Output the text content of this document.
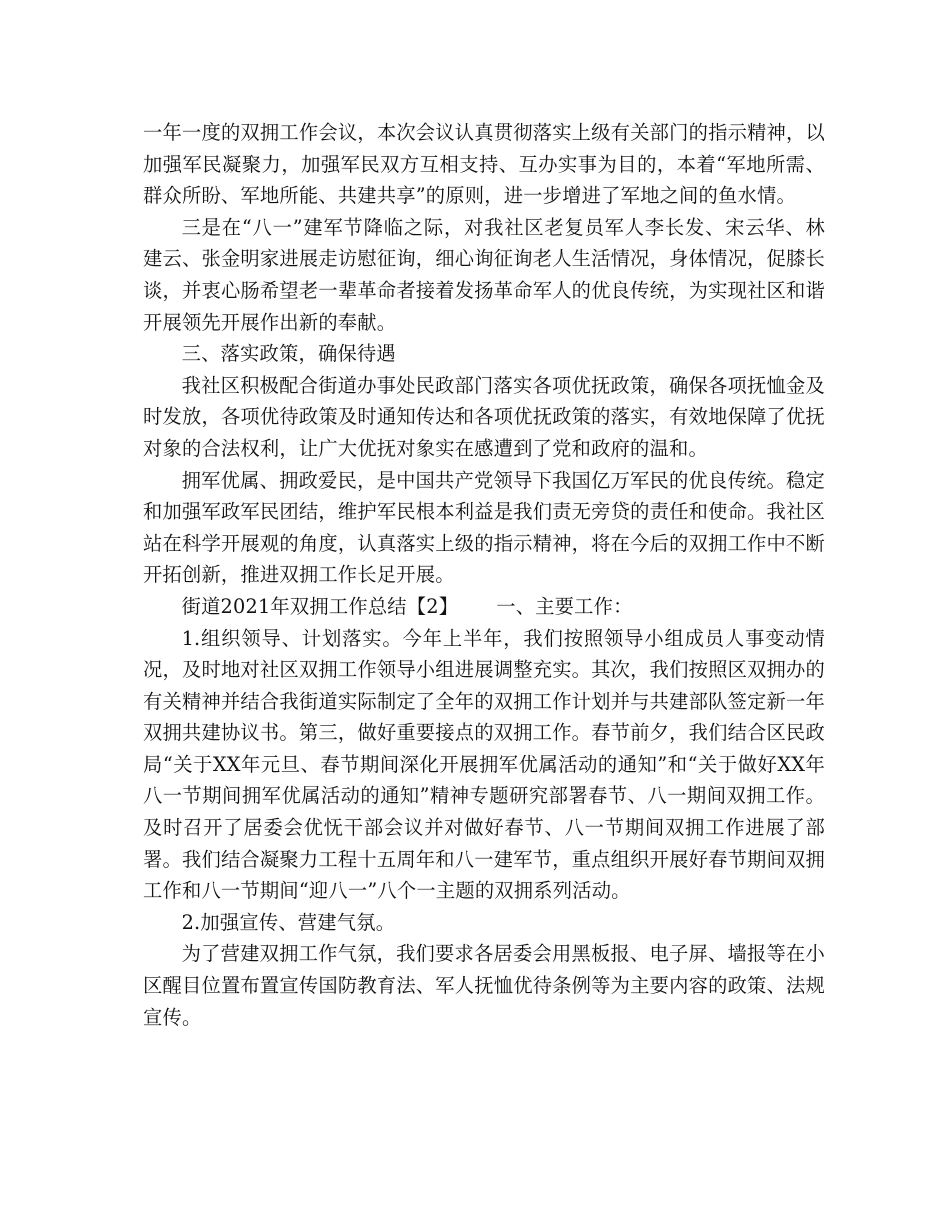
一年一度的双拥工作会议，本次会议认真贯彻落实上级有关部门的指示精神，以加强军民凝聚力，加强军民双方互相支持、互办实事为目的，本着“军地所需、群众所盼、军地所能、共建共享”的原则，进一步增进了军地之间的鱼水情。

三是在“八一”建军节降临之际，对我社区老复员军人李长发、宋云华、林建云、张金明家进展走访慰征询，细心询征询老人生活情况，身体情况，促膝长谈，并衷心肠希望老一辈革命者接着发扬革命军人的优良传统，为实现社区和谐开展领先开展作出新的奉献。

三、落实政策，确保待遇

我社区积极配合街道办事处民政部门落实各项优抚政策，确保各项抚恤金及时发放，各项优待政策及时通知传达和各项优抚政策的落实，有效地保障了优抚对象的合法权利，让广大优抚对象实在感遭到了党和政府的温和。

拥军优属、拥政爱民，是中国共产党领导下我国亿万军民的优良传统。稳定和加强军政军民团结，维护军民根本利益是我们责无旁贷的责任和使命。我社区站在科学开展观的角度，认真落实上级的指示精神，将在今后的双拥工作中不断开拓创新，推进双拥工作长足开展。

街道2021年双拥工作总结【2】 一、主要工作：

1.组织领导、计划落实。今年上半年，我们按照领导小组成员人事变动情况，及时地对社区双拥工作领导小组进展调整充实。其次，我们按照区双拥办的有关精神并结合我街道实际制定了全年的双拥工作计划并与共建部队签定新一年双拥共建协议书。第三，做好重要接点的双拥工作。春节前夕，我们结合区民政局“关于XX年元旦、春节期间深化开展拥军优属活动的通知”和“关于做好XX年八一节期间拥军优属活动的通知”精神专题研究部署春节、八一期间双拥工作。及时召开了居委会优怃干部会议并对做好春节、八一节期间双拥工作进展了部署。我们结合凝聚力工程十五周年和八一建军节，重点组织开展好春节期间双拥工作和八一节期间“迎八一”八个一主题的双拥系列活动。

2.加强宣传、营建气氛。

为了营建双拥工作气氛，我们要求各居委会用黑板报、电子屏、墙报等在小区醒目位置布置宣传国防教育法、军人抚恤优待条例等为主要内容的政策、法规宣传。
